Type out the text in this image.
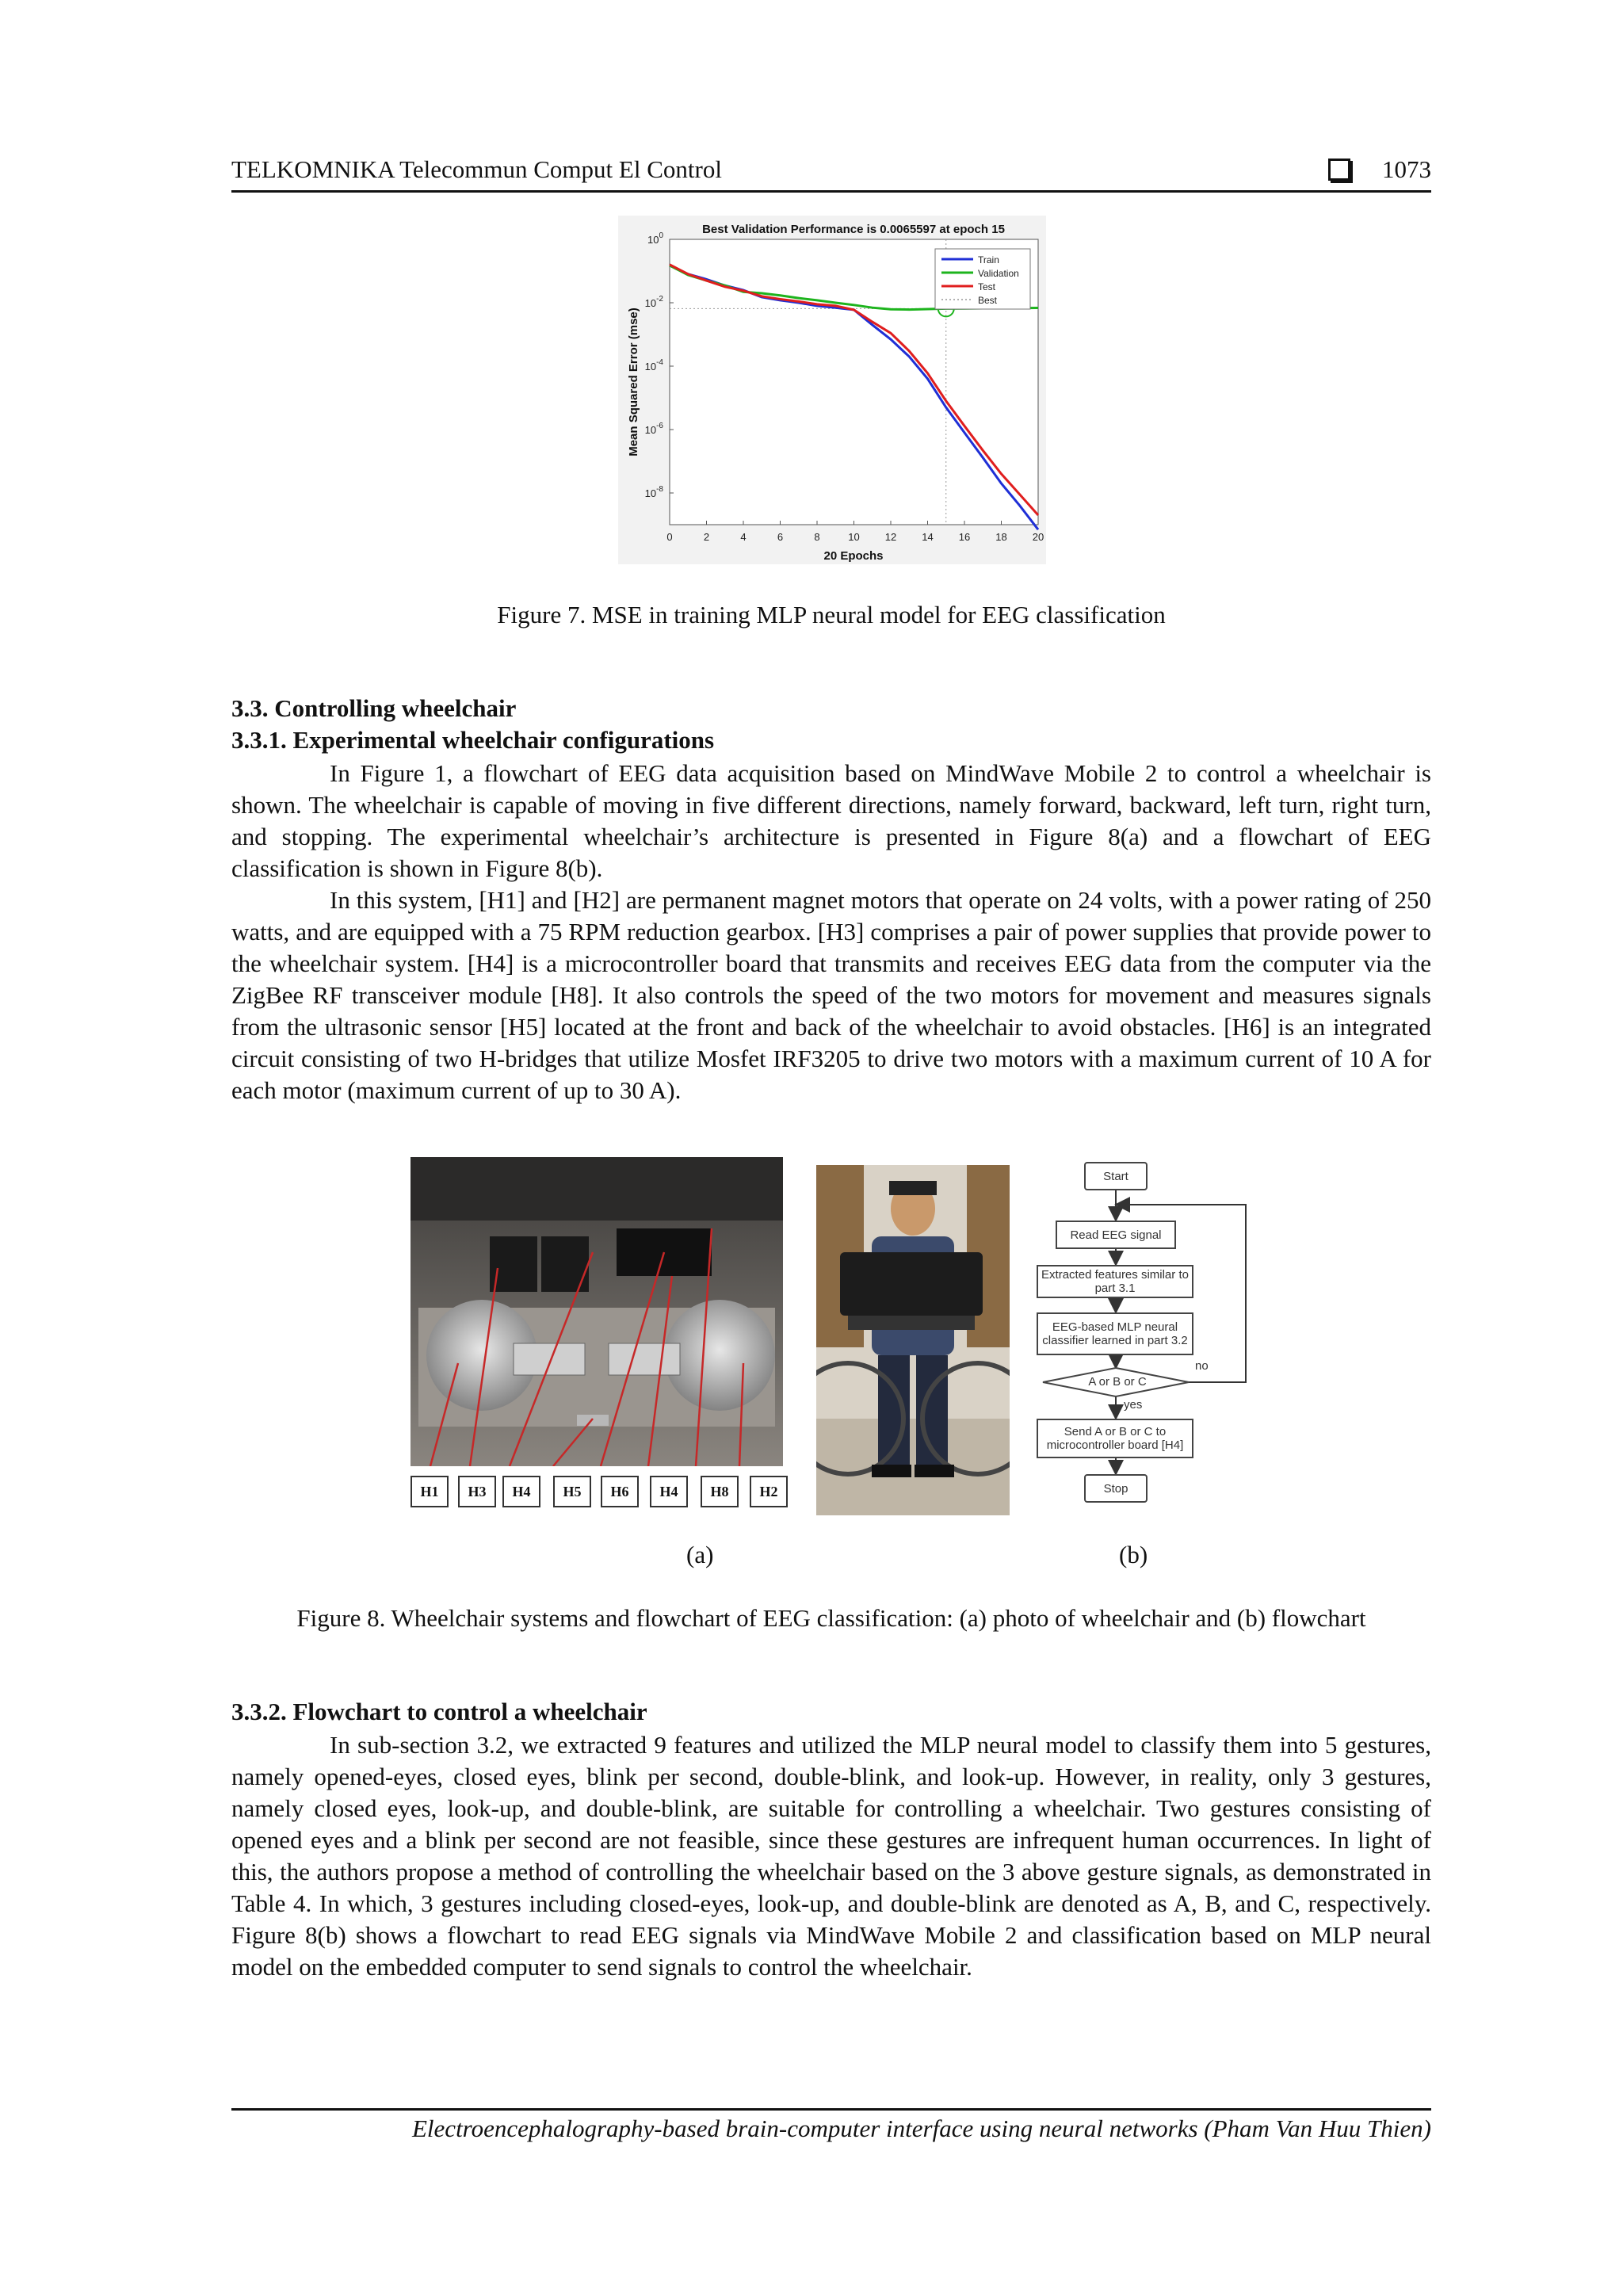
TELKOMNIKA Telecommun Comput El Control	1073
Best Validation Performance is 0.0065597 at epoch 15
20 Epochs
Mean Squared Error (mse)
0	2	4	6	8	10 12 14 16 18 20
$10^0$
$10^{-2}$
$10^{-4}$
$10^{-6}$
$10^{-8}$
Train
Validation
Test
Best
Figure 7. MSE in training MLP neural model for EEG classification
3.3. Controlling wheelchair
3.3.1. Experimental wheelchair configurations

In Figure 1, a flowchart of EEG data acquisition based on MindWave Mobile 2 to control a wheelchair is shown. The wheelchair is capable of moving in five different directions, namely forward, backward, left turn, right turn, and stopping. The experimental wheelchair’s architecture is presented in Figure 8(a) and a flowchart of EEG classification is shown in Figure 8(b).

In this system, [H1] and [H2] are permanent magnet motors that operate on 24 volts, with a power rating of 250 watts, and are equipped with a 75 RPM reduction gearbox. [H3] comprises a pair of power supplies that provide power to the wheelchair system. [H4] is a microcontroller board that transmits and receives EEG data from the computer via the ZigBee RF transceiver module [H8]. It also controls the speed of the two motors for movement and measures signals from the ultrasonic sensor [H5] located at the front and back of the wheelchair to avoid obstacles. [H6] is an integrated circuit consisting of two H-bridges that utilize Mosfet IRF3205 to drive two motors with a maximum current of 10 A for each motor (maximum current of up to 30 A).

H1	H3	H4	H5	H6	H4	H8	H2
Start
Read EEG signal
Extracted features similar to part 3.1
EEG-based MLP neural classifier learned in part 3.2
A or B or C
no
yes
Send A or B or C to microcontroller board [H4]
Stop
(a)	(b)
Figure 8. Wheelchair systems and flowchart of EEG classification: (a) photo of wheelchair and (b) flowchart
3.3.2. Flowchart to control a wheelchair

In sub-section 3.2, we extracted 9 features and utilized the MLP neural model to classify them into 5 gestures, namely opened-eyes, closed eyes, blink per second, double-blink, and look-up. However, in reality, only 3 gestures, namely closed eyes, look-up, and double-blink, are suitable for controlling a wheelchair. Two gestures consisting of opened eyes and a blink per second are not feasible, since these gestures are infrequent human occurrences. In light of this, the authors propose a method of controlling the wheelchair based on the 3 above gesture signals, as demonstrated in Table 4. In which, 3 gestures including closed-eyes, look-up, and double-blink are denoted as A, B, and C, respectively. Figure 8(b) shows a flowchart to read EEG signals via MindWave Mobile 2 and classification based on MLP neural model on the embedded computer to send signals to control the wheelchair.

Electroencephalography-based brain-computer interface using neural networks (Pham Van Huu Thien)
